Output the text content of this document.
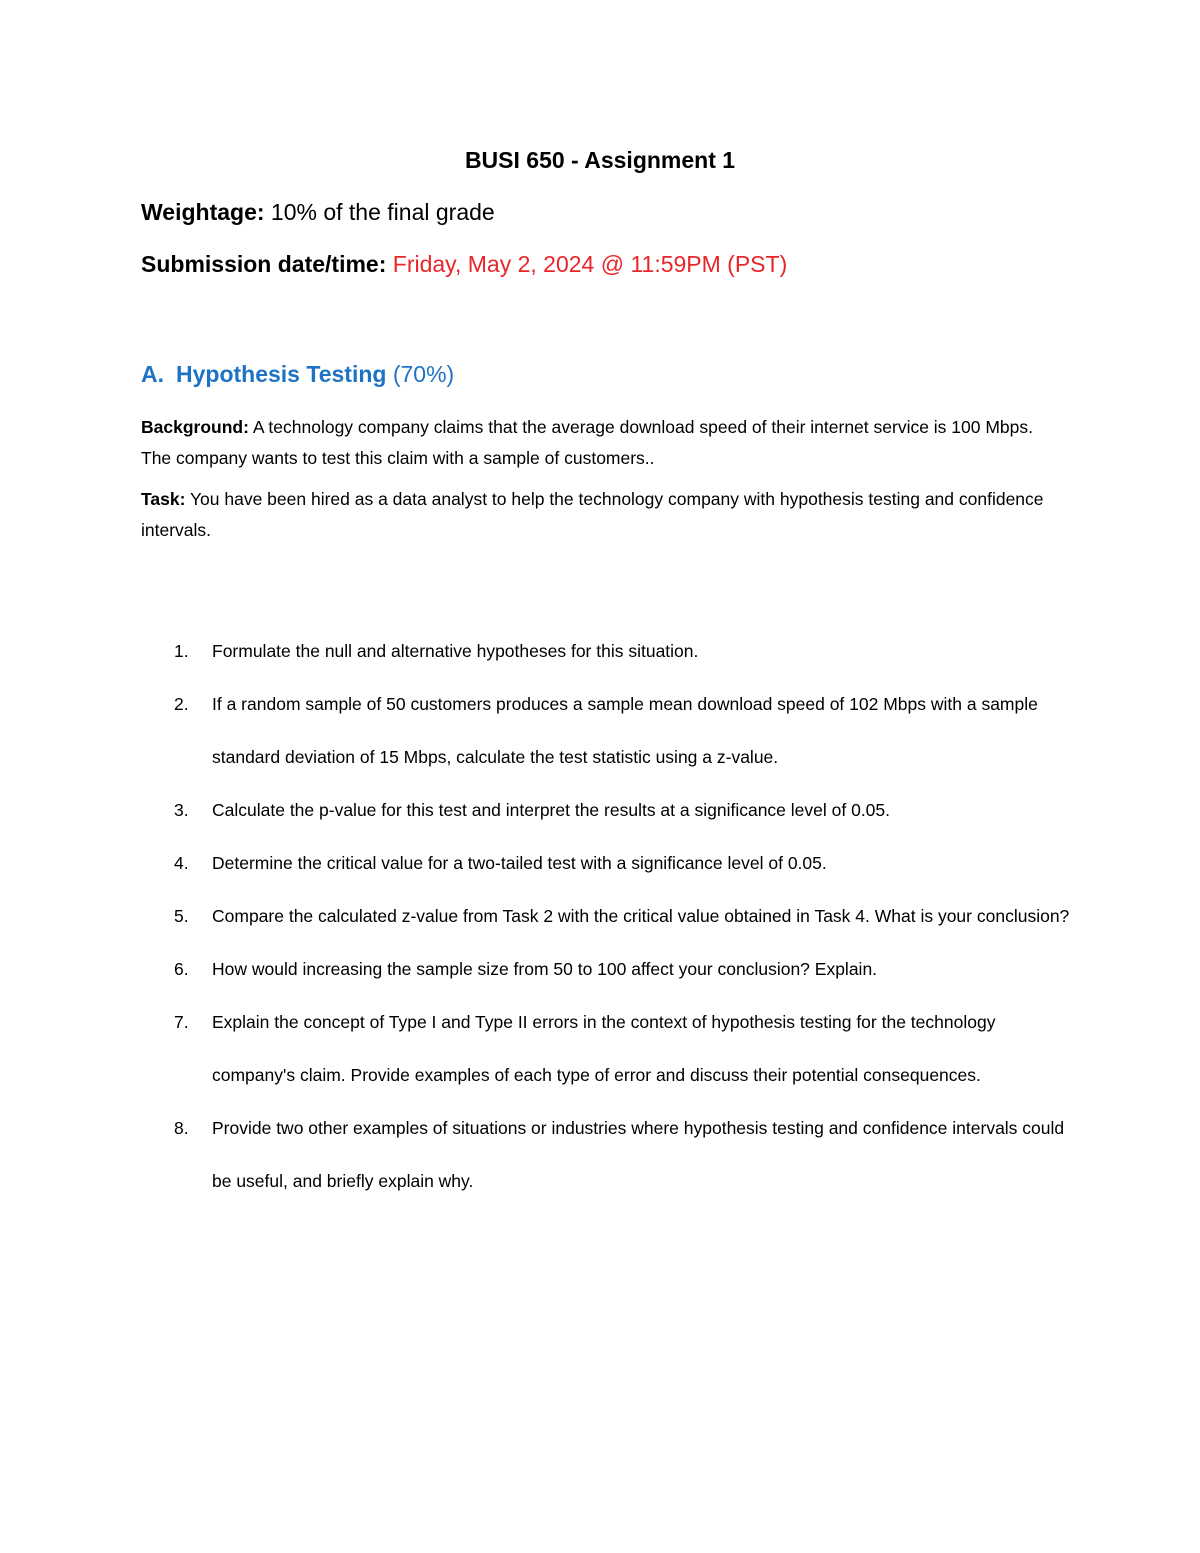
BUSI 650 - Assignment 1
Weightage: 10% of the final grade
Submission date/time: Friday, May 2, 2024 @ 11:59PM (PST)
A. Hypothesis Testing (70%)
Background: A technology company claims that the average download speed of their internet service is 100 Mbps. The company wants to test this claim with a sample of customers..
Task: You have been hired as a data analyst to help the technology company with hypothesis testing and confidence intervals.
1. Formulate the null and alternative hypotheses for this situation.
2. If a random sample of 50 customers produces a sample mean download speed of 102 Mbps with a sample standard deviation of 15 Mbps, calculate the test statistic using a z-value.
3. Calculate the p-value for this test and interpret the results at a significance level of 0.05.
4. Determine the critical value for a two-tailed test with a significance level of 0.05.
5. Compare the calculated z-value from Task 2 with the critical value obtained in Task 4. What is your conclusion?
6. How would increasing the sample size from 50 to 100 affect your conclusion? Explain.
7. Explain the concept of Type I and Type II errors in the context of hypothesis testing for the technology company's claim. Provide examples of each type of error and discuss their potential consequences.
8. Provide two other examples of situations or industries where hypothesis testing and confidence intervals could be useful, and briefly explain why.
